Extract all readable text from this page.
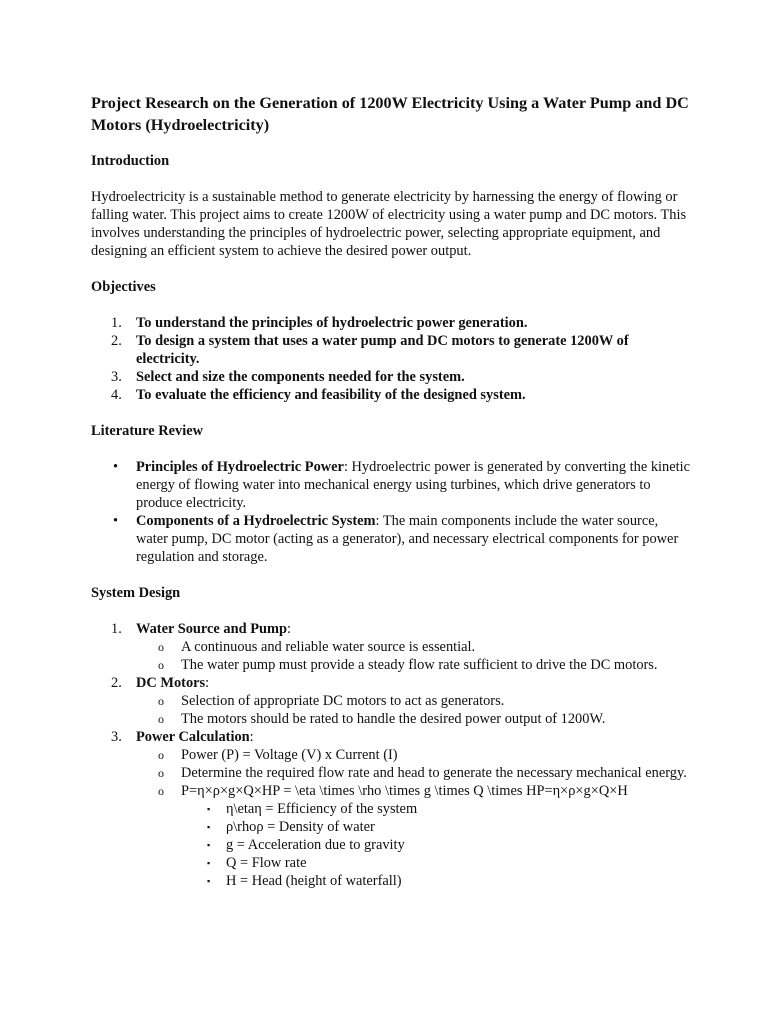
Project Research on the Generation of 1200W Electricity Using a Water Pump and DC Motors (Hydroelectricity)
Introduction

Hydroelectricity is a sustainable method to generate electricity by harnessing the energy of flowing or falling water. This project aims to create 1200W of electricity using a water pump and DC motors. This involves understanding the principles of hydroelectric power, selecting appropriate equipment, and designing an efficient system to achieve the desired power output.

Objectives
1. To understand the principles of hydroelectric power generation.
2. To design a system that uses a water pump and DC motors to generate 1200W of electricity.
3. Select and size the components needed for the system.
4. To evaluate the efficiency and feasibility of the designed system.
Literature Review
• Principles of Hydroelectric Power: Hydroelectric power is generated by converting the kinetic energy of flowing water into mechanical energy using turbines, which drive generators to produce electricity.
• Components of a Hydroelectric System: The main components include the water source, water pump, DC motor (acting as a generator), and necessary electrical components for power regulation and storage.
System Design
1. Water Source and Pump:
o A continuous and reliable water source is essential.
o The water pump must provide a steady flow rate sufficient to drive the DC motors.
2. DC Motors:
o Selection of appropriate DC motors to act as generators.
o The motors should be rated to handle the desired power output of 1200W.
3. Power Calculation:
o Power (P) = Voltage (V) x Current (I)
o Determine the required flow rate and head to generate the necessary mechanical energy.
o P=η×ρ×g×Q×HP = \eta \times \rho \times g \times Q \times HP=η×ρ×g×Q×H
▪ η\etaη = Efficiency of the system
▪ ρ\rhoρ = Density of water
▪ g = Acceleration due to gravity
▪ Q = Flow rate
▪ H = Head (height of waterfall)
